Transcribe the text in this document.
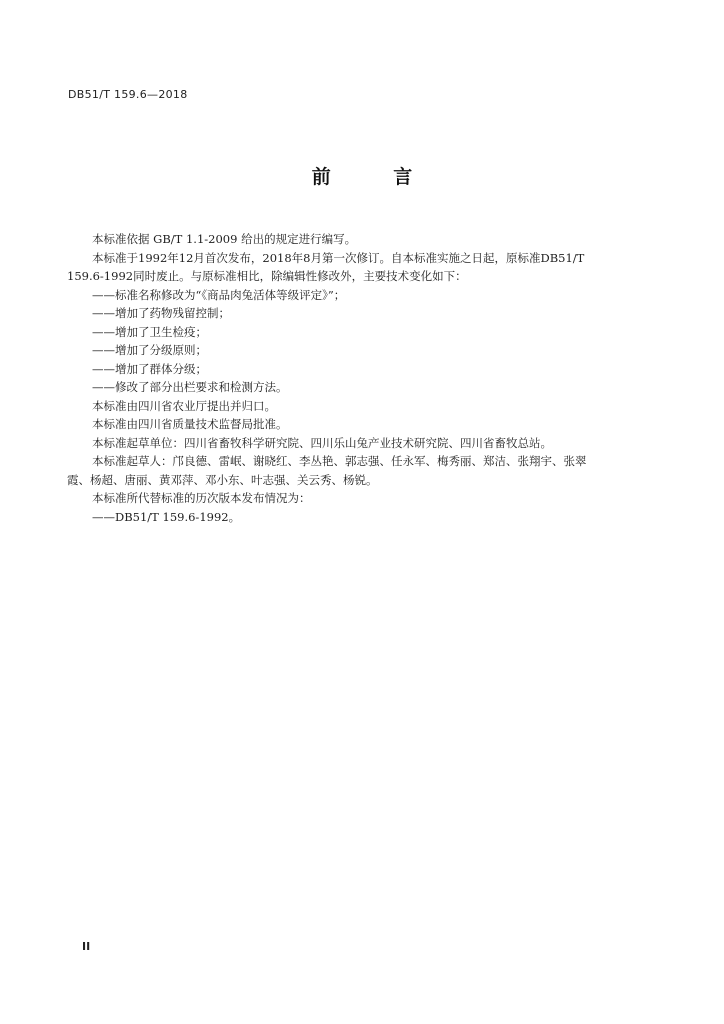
DB51/T 159.6—2018
前 言

本标准依据 GB/T 1.1-2009 给出的规定进行编写。

本标准于1992年12月首次发布，2018年8月第一次修订。自本标准实施之日起，原标准DB51/T

159.6-1992同时废止。与原标准相比，除编辑性修改外，主要技术变化如下：

——标准名称修改为“《商品肉兔活体等级评定》”；

——增加了药物残留控制；

——增加了卫生检疫；

——增加了分级原则；

——增加了群体分级；

——修改了部分出栏要求和检测方法。

本标准由四川省农业厅提出并归口。

本标准由四川省质量技术监督局批准。

本标准起草单位：四川省畜牧科学研究院、四川乐山兔产业技术研究院、四川省畜牧总站。

本标准起草人：邝良德、雷岷、谢晓红、李丛艳、郭志强、任永军、梅秀丽、郑洁、张翔宇、张翠

霞、杨超、唐丽、黄邓萍、邓小东、叶志强、关云秀、杨锐。

本标准所代替标准的历次版本发布情况为：

——DB51/T 159.6-1992。

II
